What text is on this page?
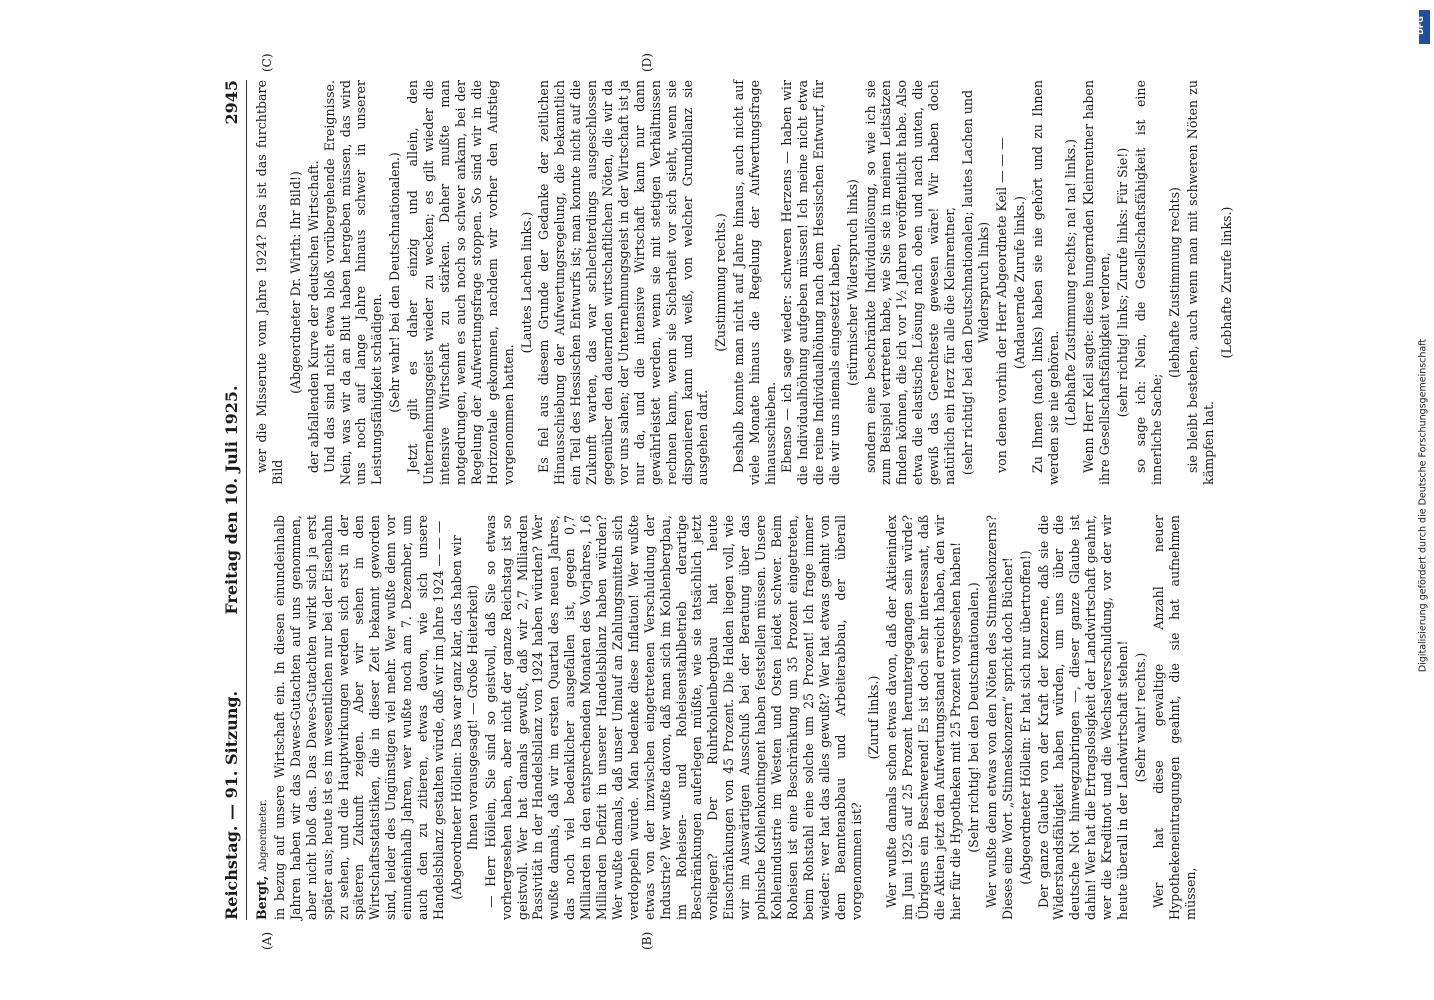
Reichstag. — 91. Sitzung.
Freitag den 10. Juli 1925.
2945

Bergt, Abgeordneter. in bezug auf unsere Wirtschaft ein. In diesen einundeinhalb Jahren haben wir das Dawes-Gutachten auf uns genommen, aber nicht bloß das. Das Dawes-Gutachten wirkt sich ja erst später aus; heute ist es im wesentlichen nur bei der Eisenbahn zu sehen, und die Hauptwirkungen werden sich erst in der späteren Zukunft zeigen. Aber wir sehen in den Wirtschaftsstatistiken, die in dieser Zeit bekannt geworden sind, leider des Ungünstigen viel mehr. Wer wußte denn vor einundeinhalb Jahren, wer wußte noch am 7. Dezember, um auch den zu zitieren, etwas davon, wie sich unsere Handelsbilanz gestalten würde, daß wir im Jahre 1924 — — — (Abgeordneter Höllein: Das war ganz klar, das haben wir Ihnen vorausgesagt! — Große Heiterkeit) — Herr Höllein, Sie sind so geistvoll, daß Sie so etwas vorhergesehen haben, aber nicht der ganze Reichstag ist so geistvoll. Wer hat damals gewußt, daß wir 2,7 Milliarden Passivität in der Handelsbilanz von 1924 haben würden? Wer wußte damals, daß wir im ersten Quartal des neuen Jahres, das noch viel bedenklicher ausgefallen ist, gegen 0,7 Milliarden in den entsprechenden Monaten des Vorjahres, 1,6 Milliarden Defizit in unserer Handelsbilanz haben würden? Wer wußte damals, daß unser Umlauf an Zahlungsmitteln sich verdoppeln würde. Man bedenke diese Inflation! Wer wußte etwas von der inzwischen eingetretenen Verschuldung der Industrie? Wer wußte davon, daß man sich im Kohlenbergbau, im Roheisen- und Roheisenstahlbetrieb derartige Beschränkungen auferlegen müßte, wie sie tatsächlich jetzt vorliegen? Der Ruhrkohlenbergbau hat heute Einschränkungen von 45 Prozent. Die Halden liegen voll, wie wir im Auswärtigen Ausschuß bei der Beratung über das polnische Kohlenkontingent haben feststellen müssen. Unsere Kohlenindustrie im Westen und Osten leidet schwer. Beim Roheisen ist eine Beschränkung um 35 Prozent eingetreten, beim Rohstahl eine solche um 25 Prozent! Ich frage immer wieder: wer hat das alles gewußt? Wer hat etwas geahnt von dem Beamtenabbau und Arbeiterabbau, der überall vorgenommen ist?

(Zuruf links.) Wer wußte damals schon etwas davon, daß der Aktienindex im Juni 1925 auf 25 Prozent heruntergegangen sein würde? Übrigens ein Beschwerend! Es ist doch sehr interessant, daß die Aktien jetzt den Aufwertungsstand erreicht haben, den wir hier für die Hypotheken mit 25 Prozent vorgesehen haben! (Sehr richtig! bei den Deutschnationalen.) Wer wußte denn etwas von den Nöten des Stinneskonzerns? Dieses eine Wort „Stinneskonzern“ spricht doch Bücher! (Abgeordneter Höllein: Er hat sich nur übertroffen!) Der ganze Glaube von der Kraft der Konzerne, daß sie die Widerstandsfähigkeit haben würden, um uns über die deutsche Not hinwegzubringen —, dieser ganze Glaube ist dahin! Wer hat die Ertragslosigkeit der Landwirtschaft geahnt, wer die Kreditnot und die Wechselverschuldung, vor der wir heute überall in der Landwirtschaft stehen! (Sehr wahr! rechts.) Wer hat diese gewaltige Anzahl neuer Hypothekeneintragungen geahnt, die sie hat aufnehmen müssen,

wer die Misserute vom Jahre 1924? Das ist das furchtbare Bild

(Abgeordneter Dr. Wirth: Ihr Bild!) der abfallenden Kurve der deutschen Wirtschaft. Und das sind nicht etwa bloß vorübergehende Ereignisse. Nein, was wir da an Blut haben hergeben müssen, das wird uns noch auf lange Jahre hinaus schwer in unserer Leistungsfähigkeit schädigen. (Sehr wahr! bei den Deutschnationalen.) Jetzt gilt es daher einzig und allein, den Unternehmungsgeist wieder zu wecken; es gilt wieder die intensive Wirtschaft zu stärken. Daher mußte man notgedrungen, wenn es auch noch so schwer ankam, bei der Regelung der Aufwertungsfrage stoppen. So sind wir in die Horizontale gekommen, nachdem wir vorher den Aufstieg vorgenommen hatten.

(Lautes Lachen links.) Es fiel aus diesem Grunde der Gedanke der zeitlichen Hinausschiebung der Aufwertungsregelung, die bekanntlich ein Teil des Hessischen Entwurfs ist; man konnte nicht auf die Zukunft warten, das war schlechterdings ausgeschlossen gegenüber den dauernden wirtschaftlichen Nöten, die wir da vor uns sahen; der Unternehmungsgeist in der Wirtschaft ist ja nur da, und die intensive Wirtschaft kann nur dann gewährleistet werden, wenn sie mit stetigen Verhältnissen rechnen kann, wenn sie Sicherheit vor sich sieht, wenn sie disponieren kann und weiß, von welcher Grundbilanz sie ausgehen darf.

(Zustimmung rechts.) Deshalb konnte man nicht auf Jahre hinaus, auch nicht auf viele Monate hinaus die Regelung der Aufwertungsfrage hinausschieben. Ebenso — ich sage wieder: schweren Herzens — haben wir die Individualhöhung aufgeben müssen! Ich meine nicht etwa die reine Individualhöhung nach dem Hessischen Entwurf, für die wir uns niemals eingesetzt haben, (stürmischer Widerspruch links) sondern eine beschränkte Individuallösung, so wie ich sie zum Beispiel vertreten habe, wie Sie sie in meinen Leitsätzen finden können, die ich vor 1½ Jahren veröffentlicht habe. Also etwa die elastische Lösung nach oben und nach unten, die gewiß das Gerechteste gewesen wäre! Wir haben doch natürlich ein Herz für alle die Kleinrentner, (sehr richtig! bei den Deutschnationalen; lautes Lachen und Widerspruch links) von denen vorhin der Herr Abgeordnete Keil — — — (Andauernde Zurufe links.) Zu Ihnen (nach links) haben sie nie gehört und zu Ihnen werden sie nie gehören. (Lebhafte Zustimmung rechts; na! na! links.) Wenn Herr Keil sagte: diese hungernden Kleinrentner haben ihre Gesellschaftsfähigkeit verloren, (sehr richtig! links; Zurufe links: Für Sie!) so sage ich: Nein, die Gesellschaftsfähigkeit ist eine innerliche Sache;

(lebhafte Zustimmung rechts) sie bleibt bestehen, auch wenn man mit schweren Nöten zu kämpfen hat.

(Lebhafte Zurufe links.)

(A)	(B)
(C)	(D)
Digitalisierung gefördert durch die Deutsche Forschungsgemeinschaft
DFG
